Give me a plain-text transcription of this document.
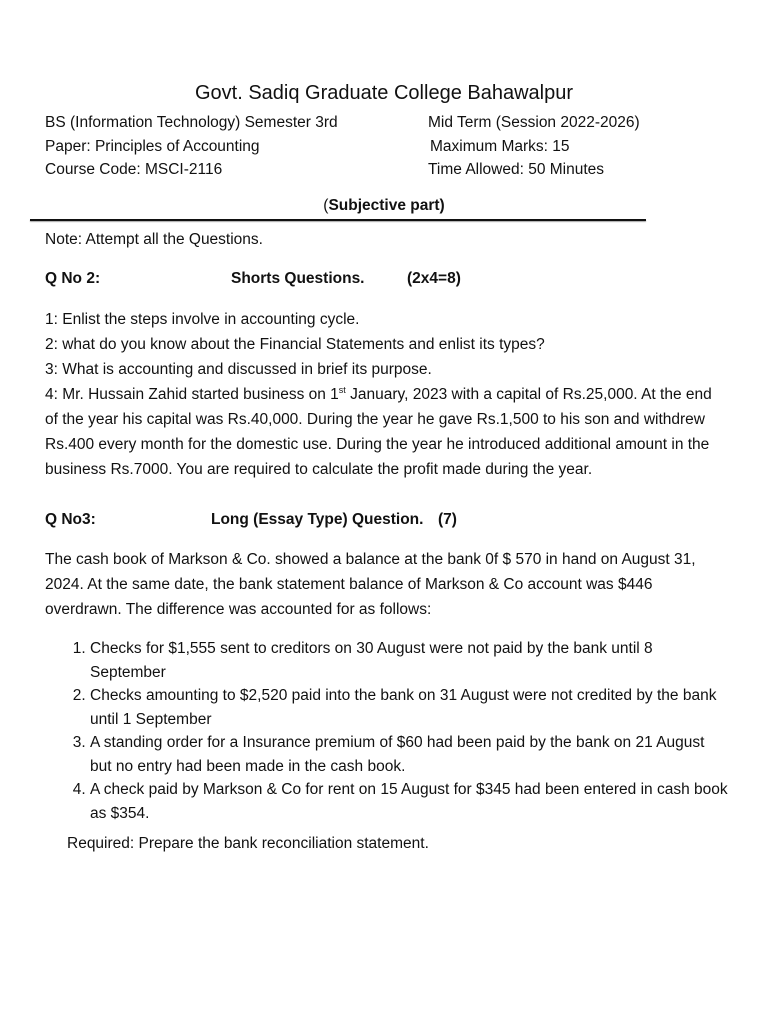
Govt. Sadiq Graduate College Bahawalpur
BS (Information Technology) Semester 3rd	Mid Term (Session 2022-2026)
Paper: Principles of Accounting	Maximum Marks: 15
Course Code: MSCI-2116	Time Allowed: 50 Minutes
(Subjective part)
Note: Attempt all the Questions.
Q No 2:	Shorts Questions.	(2x4=8)
1: Enlist the steps involve in accounting cycle.
2: what do you know about the Financial Statements and enlist its types?
3: What is accounting and discussed in brief its purpose.
4: Mr. Hussain Zahid started business on 1st January, 2023 with a capital of Rs.25,000. At the end of the year his capital was Rs.40,000. During the year he gave Rs.1,500 to his son and withdrew Rs.400 every month for the domestic use. During the year he introduced additional amount in the business Rs.7000. You are required to calculate the profit made during the year.
Q No3:	Long (Essay Type) Question. (7)
The cash book of Markson & Co. showed a balance at the bank 0f $ 570 in hand on August 31, 2024. At the same date, the bank statement balance of Markson & Co account was $446 overdrawn. The difference was accounted for as follows:
1. Checks for $1,555 sent to creditors on 30 August were not paid by the bank until 8 September
2. Checks amounting to $2,520 paid into the bank on 31 August were not credited by the bank until 1 September
3. A standing order for a Insurance premium of $60 had been paid by the bank on 21 August but no entry had been made in the cash book.
4. A check paid by Markson & Co for rent on 15 August for $345 had been entered in cash book as $354.
Required: Prepare the bank reconciliation statement.
